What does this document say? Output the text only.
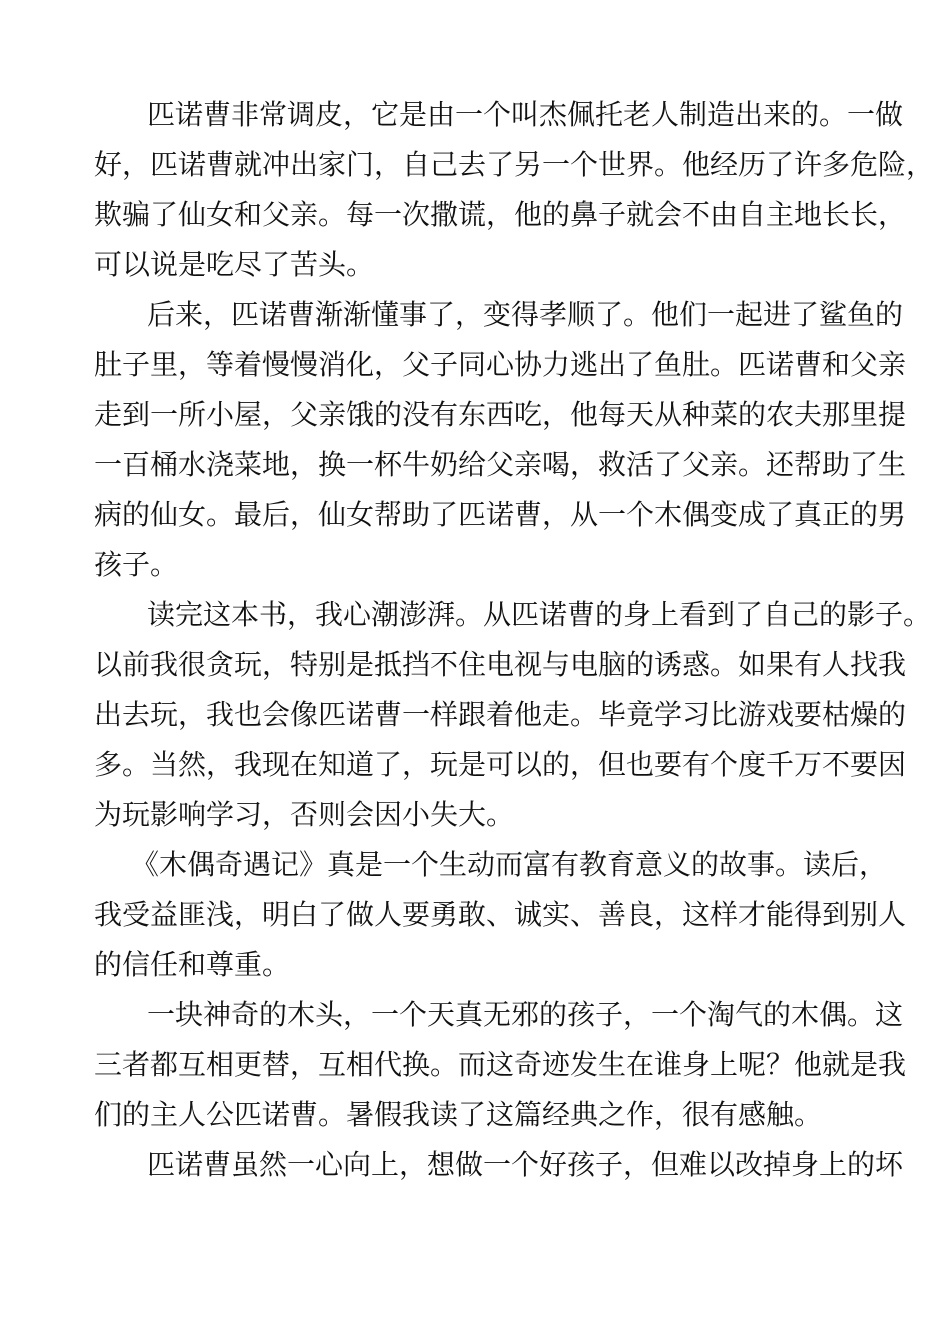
匹诺曹非常调皮，它是由一个叫杰佩托老人制造出来的。一做
好，匹诺曹就冲出家门，自己去了另一个世界。他经历了许多危险，
欺骗了仙女和父亲。每一次撒谎，他的鼻子就会不由自主地长长，
可以说是吃尽了苦头。
后来，匹诺曹渐渐懂事了，变得孝顺了。他们一起进了鲨鱼的
肚子里，等着慢慢消化，父子同心协力逃出了鱼肚。匹诺曹和父亲
走到一所小屋，父亲饿的没有东西吃，他每天从种菜的农夫那里提
一百桶水浇菜地，换一杯牛奶给父亲喝，救活了父亲。还帮助了生
病的仙女。最后，仙女帮助了匹诺曹，从一个木偶变成了真正的男
孩子。
读完这本书，我心潮澎湃。从匹诺曹的身上看到了自己的影子。
以前我很贪玩，特别是抵挡不住电视与电脑的诱惑。如果有人找我
出去玩，我也会像匹诺曹一样跟着他走。毕竟学习比游戏要枯燥的
多。当然，我现在知道了，玩是可以的，但也要有个度千万不要因
为玩影响学习，否则会因小失大。
《木偶奇遇记》真是一个生动而富有教育意义的故事。读后，
我受益匪浅，明白了做人要勇敢、诚实、善良，这样才能得到别人
的信任和尊重。
一块神奇的木头，一个天真无邪的孩子，一个淘气的木偶。这
三者都互相更替，互相代换。而这奇迹发生在谁身上呢？他就是我
们的主人公匹诺曹。暑假我读了这篇经典之作，很有感触。
匹诺曹虽然一心向上，想做一个好孩子，但难以改掉身上的坏
